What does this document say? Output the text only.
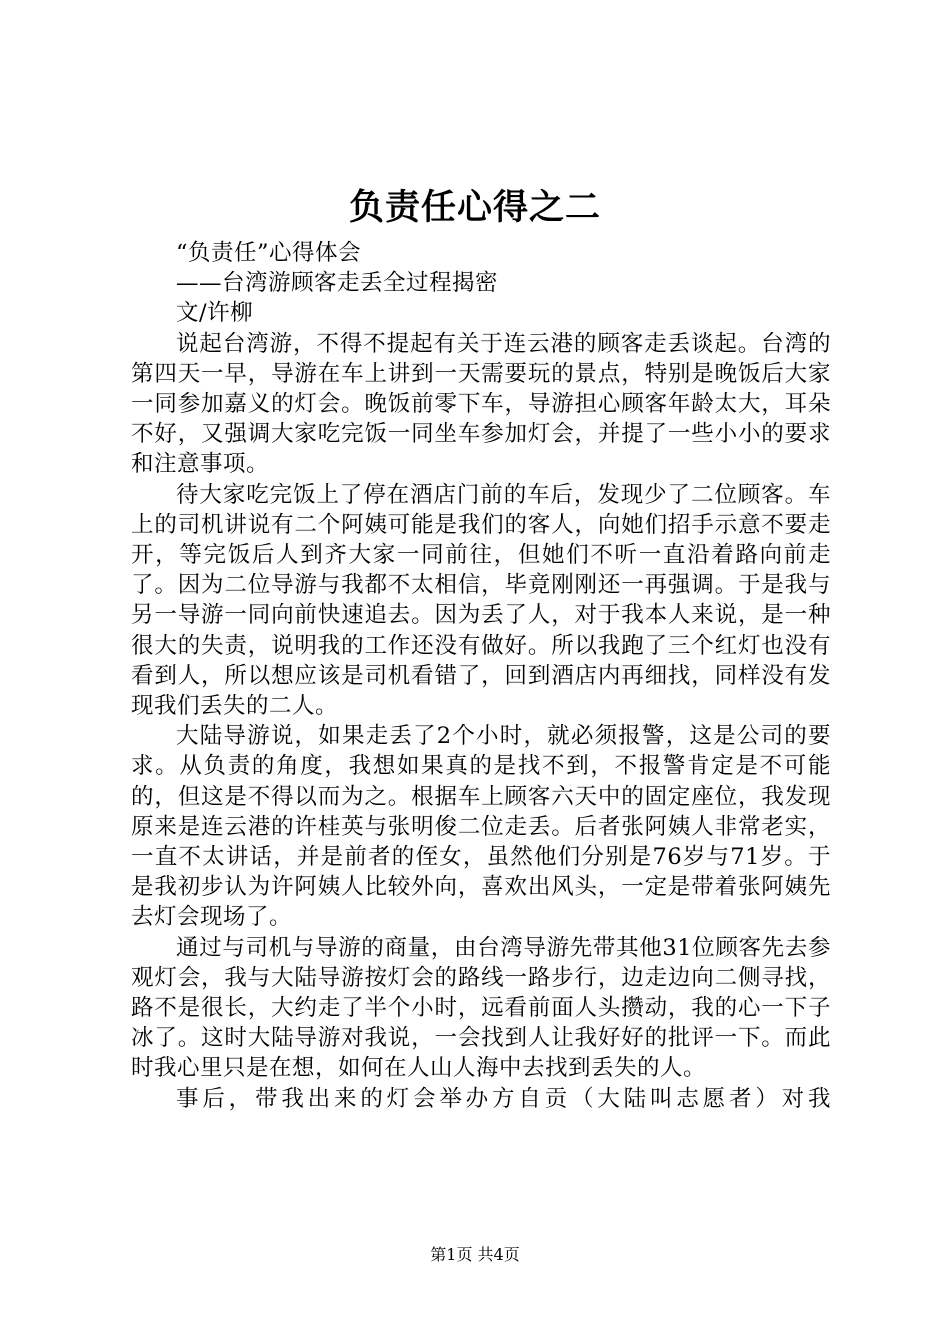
负责任心得之二

“负责任”心得体会

——台湾游顾客走丢全过程揭密

文/许柳

说起台湾游，不得不提起有关于连云港的顾客走丢谈起。台湾的第四天一早，导游在车上讲到一天需要玩的景点，特别是晚饭后大家一同参加嘉义的灯会。晚饭前零下车，导游担心顾客年龄太大，耳朵不好，又强调大家吃完饭一同坐车参加灯会，并提了一些小小的要求和注意事项。

待大家吃完饭上了停在酒店门前的车后，发现少了二位顾客。车上的司机讲说有二个阿姨可能是我们的客人，向她们招手示意不要走开，等完饭后人到齐大家一同前往，但她们不听一直沿着路向前走了。因为二位导游与我都不太相信，毕竟刚刚还一再强调。于是我与另一导游一同向前快速追去。因为丢了人，对于我本人来说，是一种很大的失责，说明我的工作还没有做好。所以我跑了三个红灯也没有看到人，所以想应该是司机看错了，回到酒店内再细找，同样没有发现我们丢失的二人。

大陆导游说，如果走丢了2个小时，就必须报警，这是公司的要求。从负责的角度，我想如果真的是找不到，不报警肯定是不可能的，但这是不得以而为之。根据车上顾客六天中的固定座位，我发现原来是连云港的许桂英与张明俊二位走丢。后者张阿姨人非常老实，一直不太讲话，并是前者的侄女，虽然他们分别是76岁与71岁。于是我初步认为许阿姨人比较外向，喜欢出风头，一定是带着张阿姨先去灯会现场了。

通过与司机与导游的商量，由台湾导游先带其他31位顾客先去参观灯会，我与大陆导游按灯会的路线一路步行，边走边向二侧寻找，路不是很长，大约走了半个小时，远看前面人头攒动，我的心一下子冰了。这时大陆导游对我说，一会找到人让我好好的批评一下。而此时我心里只是在想，如何在人山人海中去找到丢失的人。

事后，带我出来的灯会举办方自贡（大陆叫志愿者）对我

第1页 共4页
